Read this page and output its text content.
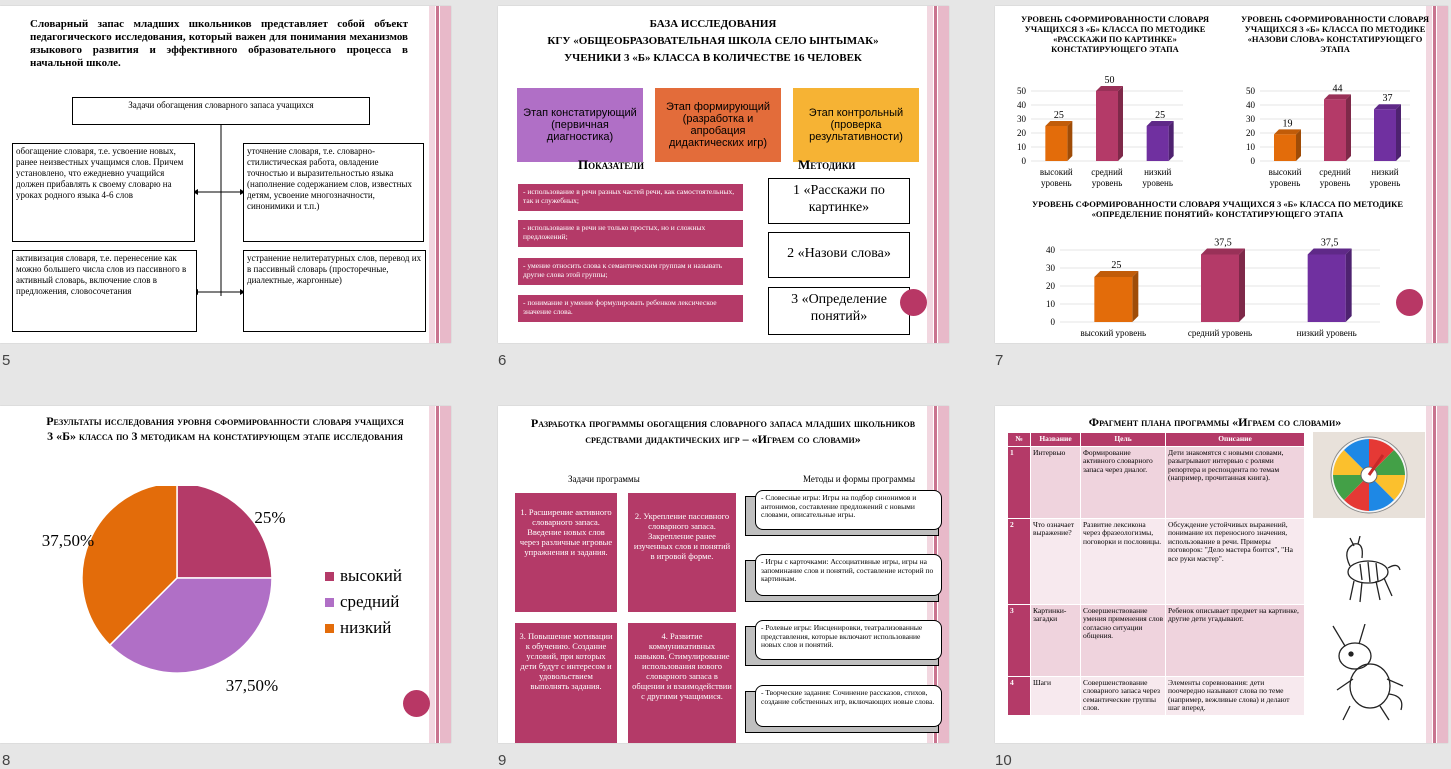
Словарный запас младших школьников представляет собой объект педагогического исследования, который важен для понимания механизмов языкового развития и эффективного образовательного процесса в начальной школе.
Задачи обогащения словарного запаса учащихся
обогащение словаря, т.е. усвоение новых, ранее неизвестных учащимся слов. Причем установлено, что ежедневно учащийся должен прибавлять к своему словарю на уроках родного языка 4-6 слов
уточнение словаря, т.е. словарно-стилистическая работа, овладение точностью и выразительностью языка (наполнение содержанием слов, известных детям, усвоение многозначности, синонимики и т.п.)
активизация словаря, т.е. перенесение как можно большего числа слов из пассивного в активный словарь, включение слов в предложения, словосочетания
устранение нелитературных слов, перевод их в пассивный словарь (просторечные, диалектные, жаргонные)
5
БАЗА ИССЛЕДОВАНИЯ
КГУ «ОБЩЕОБРАЗОВАТЕЛЬНАЯ ШКОЛА СЕЛО ЫНТЫМАК»
УЧЕНИКИ 3 «Б» КЛАССА В КОЛИЧЕСТВЕ 16 ЧЕЛОВЕК
Этап констатирующий (первичная диагностика)
Этап формирующий (разработка и апробация дидактических игр)
Этап контрольный (проверка результативности)
Показатели	Методики
- использование в речи разных частей речи, как самостоятельных, так и служебных;
- использование в речи не только простых, но и сложных предложений;
- умение относить слова к семантическим группам и называть другие слова этой группы;
- понимание и умение формулировать ребенком лексическое значение слова.
1 «Расскажи по картинке»
2 «Назови слова»
3 «Определение понятий»
6
УРОВЕНЬ СФОРМИРОВАННОСТИ СЛОВАРЯ УЧАЩИХСЯ 3 «Б» КЛАССА ПО МЕТОДИКЕ «РАССКАЖИ ПО КАРТИНКЕ» КОНСТАТИРУЮЩЕГО ЭТАПА
УРОВЕНЬ СФОРМИРОВАННОСТИ СЛОВАРЯ УЧАЩИХСЯ 3 «Б» КЛАССА ПО МЕТОДИКЕ «НАЗОВИ СЛОВА» КОНСТАТИРУЮЩЕГО ЭТАПА
УРОВЕНЬ СФОРМИРОВАННОСТИ СЛОВАРЯ УЧАЩИХСЯ 3 «Б» КЛАССА ПО МЕТОДИКЕ «ОПРЕДЕЛЕНИЕ ПОНЯТИЙ» КОНСТАТИРУЮЩЕГО ЭТАПА
0
10
20
30
40
50
25
высокий
уровень
50
средний
уровень
25
низкий
уровень
0
10
20
30
40
50
19
высокий
уровень
44
средний
уровень
37
низкий
уровень
0
10
20
30
40
25
высокий уровень
37,5
средний уровень
37,5
низкий уровень
7
Результаты исследования уровня сформированности словаря учащихся 3 «Б» класса по 3 методикам на констатирующем этапе исследования
25%
37,50%
37,50%
высокий
средний
низкий
8
Разработка программы обогащения словарного запаса младших школьников средствами дидактических игр – «Играем со словами»
Задачи программы	Методы и формы программы
1. Расширение активного словарного запаса. Введение новых слов через различные игровые упражнения и задания.
2. Укрепление пассивного словарного запаса. Закрепление ранее изученных слов и понятий в игровой форме.
3. Повышение мотивации к обучению. Создание условий, при которых дети будут с интересом и удовольствием выполнять задания.
4. Развитие коммуникативных навыков. Стимулирование использования нового словарного запаса в общении и взаимодействии с другими учащимися.
- Словесные игры: Игры на подбор синонимов и антонимов, составление предложений с новыми словами, описательные игры.
- Игры с карточками: Ассоциативные игры, игры на запоминание слов и понятий, составление историй по картинкам.
- Ролевые игры: Инсценировки, театрализованные представления, которые включают использование новых слов и понятий.
- Творческие задания: Сочинение рассказов, стихов, создание собственных игр, включающих новые слова.
9
Фрагмент плана программы «Играем со словами»
№	Название	Цель	Описание
1	Интервью	Формирование активного словарного запаса через диалог.	Дети знакомятся с новыми словами, разыгрывают интервью с ролями репортера и респондента по темам (например, прочитанная книга).
2	Что означает выражение?	Развитие лексикона через фразеологизмы, поговорки и пословицы.	Обсуждение устойчивых выражений, понимание их переносного значения, использование в речи. Примеры поговорок: "Дело мастера боится", "На все руки мастер".
3	Картинки-загадки	Совершенствование умения применения слов согласно ситуации общения.	Ребенок описывает предмет на картинке, другие дети угадывают.
4	Шаги	Совершенствование словарного запаса через семантические группы слов.	Элементы соревнования: дети поочередно называют слова по теме (например, вежливые слова) и делают шаг вперед.
10
